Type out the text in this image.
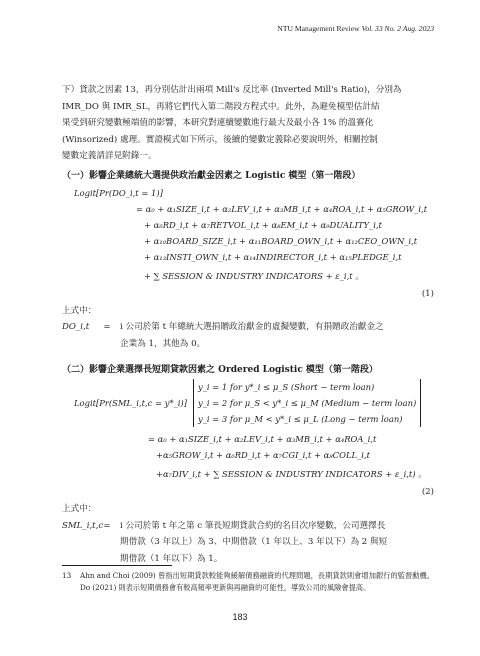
NTU Management Review Vol. 33 No. 2 Aug. 2023

下）貸款之因素 13，再分別估計出兩項 Mill's 反比率 (Inverted Mill's Ratio)，分別為

IMR_DO 與 IMR_SL，再將它們代入第二階段方程式中。此外，為避免模型估計結

果受到研究變數極端值的影響，本研究對連續變數進行最大及最小各 1% 的溫賽化

(Winsorized) 處理。實證模式如下所示，後續的變數定義除必要說明外，相關控制

變數定義請詳見附錄一。

（一）影響企業總統大選提供政治獻金因素之 Logistic 模型（第一階段）
Logit[Pr(DO_i,t = 1)]
= α₀ + α₁SIZE_i,t + α₂LEV_i,t + α₃MB_i,t + α₄ROA_i,t + α₅GROW_i,t
+ α₆RD_i,t + α₇RETVOL_i,t + α₈EM_i,t + α₉DUALITY_i,t
+ α₁₀BOARD_SIZE_i,t + α₁₁BOARD_OWN_i,t + α₁₂CEO_OWN_i,t
+ α₁₃INSTI_OWN_i,t + α₁₄INDIRECTOR_i,t + α₁₅PLEDGE_i,t
+ ∑ SESSION & INDUSTRY INDICATORS + ε_i,t 。
(1)
上式中：
DO_i,t	=	i 公司於第 t 年總統大選捐贈政治獻金的虛擬變數，有捐贈政治獻金之
企業為 1，其他為 0。
（二）影響企業選擇長短期貸款因素之 Ordered Logistic 模型（第一階段）
Logit[Pr(SML_i,t,c = y*_i)]
y_i = 1 for y*_i ≤ μ_S (Short − term loan)
y_i = 2 for μ_S < y*_i ≤ μ_M (Medium − term loan)
y_i = 3 for μ_M < y*_i ≤ μ_L (Long − term loan)
= α₀ + α₁SIZE_i,t + α₂LEV_i,t + α₃MB_i,t + α₄ROA_i,t
+α₅GROW_i,t + α₆RD_i,t + α₇CGI_i,t + α₈COLL_i,t
+α₇DIV_i,t + ∑ SESSION & INDUSTRY INDICATORS + ε_i,t) 。
(2)
上式中：
SML_i,t,c =	i 公司於第 t 年之第 c 筆長短期貸款合約的名目次序變數，公司選擇長
期借款（3 年以上）為 3、中期借款（1 年以上、3 年以下）為 2 與短
期借款（1 年以下）為 1。
13	Ahn and Choi (2009) 曾指出短期貸款較能夠緩解債務融資的代理問題，長期貸款則會增加銀行的監督動機。Do (2021) 則表示短期債務會有較高頻率更新與再融資的可能性，導致公司的風險會提高。
183
